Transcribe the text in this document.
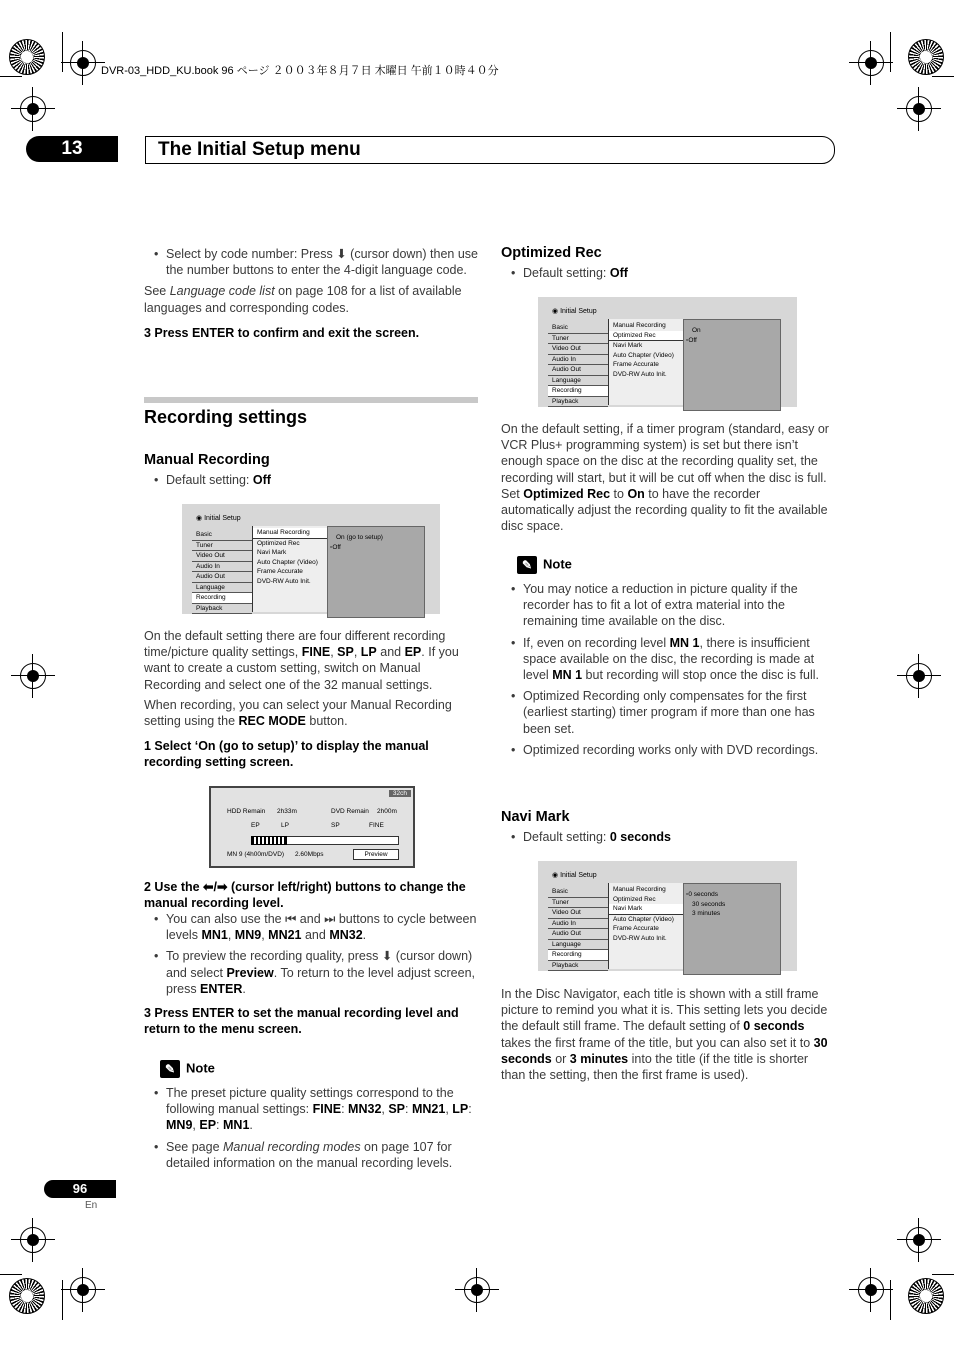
DVR-03_HDD_KU.book 96 ページ ２００３年８月７日 木曜日 午前１０時４０分
13	The Initial Setup menu
• Select by code number: Press ⬇ (cursor down) then use the number buttons to enter the 4-digit language code.
See Language code list on page 108 for a list of available languages and corresponding codes.
3 Press ENTER to confirm and exit the screen.
Recording settings
Manual Recording
• Default setting: Off
◉ Initial Setup
Basic
Tuner
Video Out
Audio In
Audio Out
Language
Recording
Playback
Manual Recording
Optimized Rec
Navi Mark
Auto Chapter (Video)
Frame Accurate
DVD-RW Auto Init.
On (go to setup)
▫ Off
On the default setting there are four different recording time/picture quality settings, FINE, SP, LP and EP. If you want to create a custom setting, switch on Manual Recording and select one of the 32 manual settings.
When recording, you can select your Manual Recording setting using the REC MODE button.
1 Select ‘On (go to setup)’ to display the manual recording setting screen.
32ch
HDD Remain 2h33m	DVD Remain 2h00m
EP	LP	SP	FINE
MN 9 (4h00m/DVD) 2.60Mbps	Preview
2 Use the ⬅/➡ (cursor left/right) buttons to change the manual recording level.
• You can also use the ⏮ and ⏭ buttons to cycle between levels MN1, MN9, MN21 and MN32.
• To preview the recording quality, press ⬇ (cursor down) and select Preview. To return to the level adjust screen, press ENTER.
3 Press ENTER to set the manual recording level and return to the menu screen.
✎ Note
• The preset picture quality settings correspond to the following manual settings: FINE: MN32, SP: MN21, LP: MN9, EP: MN1.
• See page Manual recording modes on page 107 for detailed information on the manual recording levels.
Optimized Rec
• Default setting: Off
◉ Initial Setup
Basic
Tuner
Video Out
Audio In
Audio Out
Language
Recording
Playback
Manual Recording
Optimized Rec
Navi Mark
Auto Chapter (Video)
Frame Accurate
DVD-RW Auto Init.
On
▫ Off
On the default setting, if a timer program (standard, easy or VCR Plus+ programming system) is set but there isn’t enough space on the disc at the recording quality set, the recording will start, but it will be cut off when the disc is full. Set Optimized Rec to On to have the recorder automatically adjust the recording quality to fit the available disc space.
✎ Note
• You may notice a reduction in picture quality if the recorder has to fit a lot of extra material into the remaining time available on the disc.
• If, even on recording level MN 1, there is insufficient space available on the disc, the recording is made at level MN 1 but recording will stop once the disc is full.
• Optimized Recording only compensates for the first (earliest starting) timer program if more than one has been set.
• Optimized recording works only with DVD recordings.
Navi Mark
• Default setting: 0 seconds
◉ Initial Setup
Basic
Tuner
Video Out
Audio In
Audio Out
Language
Recording
Playback
Manual Recording
Optimized Rec
Navi Mark
Auto Chapter (Video)
Frame Accurate
DVD-RW Auto Init.
▫ 0 seconds
30 seconds
3 minutes
In the Disc Navigator, each title is shown with a still frame picture to remind you what it is. This setting lets you decide the default still frame. The default setting of 0 seconds takes the first frame of the title, but you can also set it to 30 seconds or 3 minutes into the title (if the title is shorter than the setting, then the first frame is used).
96
En
